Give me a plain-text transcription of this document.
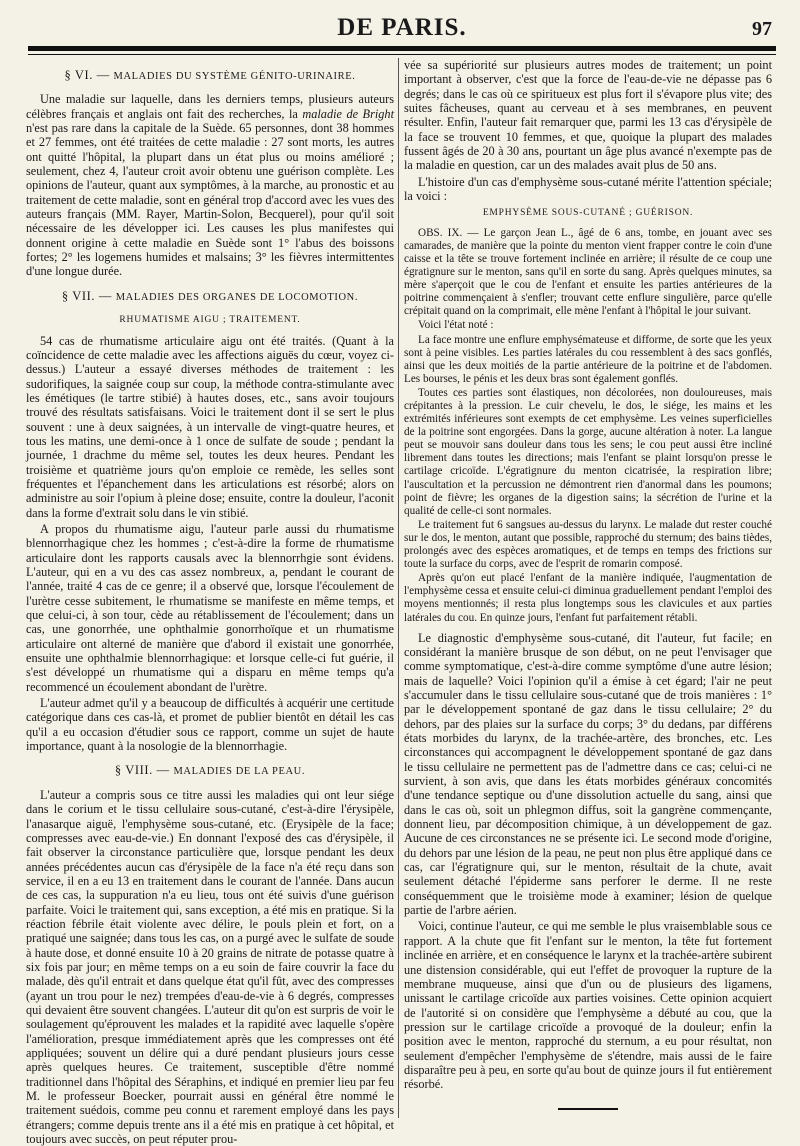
DE PARIS.	97
§ VI. — MALADIES DU SYSTÈME GÉNITO-URINAIRE.

Une maladie sur laquelle, dans les derniers temps, plusieurs auteurs célèbres français et anglais ont fait des recherches, la maladie de Bright n'est pas rare dans la capitale de la Suède. 65 personnes, dont 38 hommes et 27 femmes, ont été traitées de cette maladie : 27 sont morts, les autres ont quitté l'hôpital, la plupart dans un état plus ou moins amélioré ; seulement, chez 4, l'auteur croit avoir obtenu une guérison complète. Les opinions de l'auteur, quant aux symptômes, à la marche, au pronostic et au traitement de cette maladie, sont en général trop d'accord avec les vues des auteurs français (MM. Rayer, Martin-Solon, Becquerel), pour qu'il soit nécessaire de les développer ici. Les causes les plus manifestes qui donnent origine à cette maladie en Suède sont 1° l'abus des boissons fortes; 2° les logemens humides et malsains; 3° les fièvres intermittentes d'une longue durée.

§ VII. — MALADIES DES ORGANES DE LOCOMOTION.
RHUMATISME AIGU ; TRAITEMENT.

54 cas de rhumatisme articulaire aigu ont été traités. (Quant à la coïncidence de cette maladie avec les affections aiguës du cœur, voyez ci-dessus.) L'auteur a essayé diverses méthodes de traitement : les sudorifiques, la saignée coup sur coup, la méthode contra-stimulante avec les émétiques (le tartre stibié) à hautes doses, etc., sans avoir toujours trouvé des résultats satisfaisans. Voici le traitement dont il se sert le plus souvent : une à deux saignées, à un intervalle de vingt-quatre heures, et tous les matins, une demi-once à 1 once de sulfate de soude ; pendant la journée, 1 drachme du même sel, toutes les deux heures. Pendant les troisième et quatrième jours qu'on emploie ce remède, les selles sont fréquentes et l'épanchement dans les articulations est résorbé; alors on administre au soir l'opium à pleine dose; ensuite, contre la douleur, l'aconit dans la forme d'extrait solu dans le vin stibié.

A propos du rhumatisme aigu, l'auteur parle aussi du rhumatisme blennorrhagique chez les hommes ; c'est-à-dire la forme de rhumatisme articulaire dont les rapports causals avec la blennorrhgie sont évidens. L'auteur, qui en a vu des cas assez nombreux, a, pendant le courant de l'année, traité 4 cas de ce genre; il a observé que, lorsque l'écoulement de l'urètre cesse subitement, le rhumatisme se manifeste en même temps, et que celui-ci, à son tour, cède au rétablissement de l'écoulement; dans un cas, une gonorrhée, une ophthalmie gonorrhoïque et un rhumatisme articulaire ont alterné de manière que d'abord il existait une gonorrhée, ensuite une ophthalmie blennorrhagique: et lorsque celle-ci fut guérie, il s'est développé un rhumatisme qui a disparu en même temps qu'a recommencé un écoulement abondant de l'urètre.

L'auteur admet qu'il y a beaucoup de difficultés à acquérir une certitude catégorique dans ces cas-là, et promet de publier bientôt en détail les cas qu'il a eu occasion d'étudier sous ce rapport, comme un sujet de haute importance, quant à la nosologie de la blennorrhagie.

§ VIII. — MALADIES DE LA PEAU.

L'auteur a compris sous ce titre aussi les maladies qui ont leur siége dans le corium et le tissu cellulaire sous-cutané, c'est-à-dire l'érysipèle, l'anasarque aiguë, l'emphysème sous-cutané, etc. (Erysipèle de la face; compresses avec eau-de-vie.) En donnant l'exposé des cas d'érysipèle, il fait observer la circonstance particulière que, lorsque pendant les deux années précédentes aucun cas d'érysipèle de la face n'a été reçu dans son service, il en a eu 13 en traitement dans le courant de l'année. Dans aucun de ces cas, la suppuration n'a eu lieu, tous ont été suivis d'une guérison parfaite. Voici le traitement qui, sans exception, a été mis en pratique. Si la réaction fébrile était violente avec délire, le pouls plein et fort, on a pratiqué une saignée; dans tous les cas, on a purgé avec le sulfate de soude à haute dose, et donné ensuite 10 à 20 grains de nitrate de potasse quatre à six fois par jour; en même temps on a eu soin de faire couvrir la face du malade, dès qu'il entrait et dans quelque état qu'il fût, avec des compresses (ayant un trou pour le nez) trempées d'eau-de-vie à 6 degrés, compresses qui devaient être souvent changées. L'auteur dit qu'on est surpris de voir le soulagement qu'éprouvent les malades et la rapidité avec laquelle s'opère l'amélioration, presque immédiatement après que les compresses ont été appliquées; souvent un délire qui a duré pendant plusieurs jours cesse après quelques heures. Ce traitement, susceptible d'être nommé traditionnel dans l'hôpital des Séraphins, et indiqué en premier lieu par feu M. le professeur Boecker, pourrait aussi en général être nommé le traitement suédois, comme peu connu et rarement employé dans les pays étrangers; comme depuis trente ans il a été mis en pratique à cet hôpital, et toujours avec succès, on peut réputer prou-

vée sa supériorité sur plusieurs autres modes de traitement; un point important à observer, c'est que la force de l'eau-de-vie ne dépasse pas 6 degrés; dans le cas où ce spiritueux est plus fort il s'évapore plus vite; des suites fâcheuses, quant au cerveau et à ses membranes, en peuvent résulter. Enfin, l'auteur fait remarquer que, parmi les 13 cas d'érysipèle de la face se trouvent 10 femmes, et que, quoique la plupart des malades fussent âgés de 20 à 30 ans, pourtant un âge plus avancé n'exempte pas de la maladie en question, car un des malades avait plus de 50 ans.

L'histoire d'un cas d'emphysème sous-cutané mérite l'attention spéciale; la voici :

EMPHYSÈME SOUS-CUTANÉ ; GUÉRISON.

OBS. IX. — Le garçon Jean L., âgé de 6 ans, tombe, en jouant avec ses camarades, de manière que la pointe du menton vient frapper contre le coin d'une caisse et la tête se trouve fortement inclinée en arrière; il résulte de ce coup une égratignure sur le menton, sans qu'il en sorte du sang. Après quelques minutes, sa mère s'aperçoit que le cou de l'enfant et ensuite les parties antérieures de la poitrine commençaient à s'enfler; trouvant cette enflure singulière, parce qu'elle crépitait quand on la comprimait, elle mène l'enfant à l'hôpital le jour suivant.

Voici l'état noté :

La face montre une enflure emphysémateuse et difforme, de sorte que les yeux sont à peine visibles. Les parties latérales du cou ressemblent à des sacs gonflés, ainsi que les deux moitiés de la partie antérieure de la poitrine et de l'abdomen. Les bourses, le pénis et les deux bras sont également gonflés.

Toutes ces parties sont élastiques, non décolorées, non douloureuses, mais crépitantes à la pression. Le cuir chevelu, le dos, le siége, les mains et les extrémités inférieures sont exempts de cet emphysème. Les veines superficielles de la poitrine sont engorgées. Dans la gorge, aucune altération à noter. La langue peut se mouvoir sans douleur dans tous les sens; le cou peut aussi être incliné librement dans toutes les directions; mais l'enfant se plaint lorsqu'on presse le cartilage cricoïde. L'égratignure du menton cicatrisée, la respiration libre; l'auscultation et la percussion ne démontrent rien d'anormal dans les poumons; point de fièvre; les organes de la digestion sains; la sécrétion de l'urine et la qualité de celle-ci sont normales.

Le traitement fut 6 sangsues au-dessus du larynx. Le malade dut rester couché sur le dos, le menton, autant que possible, rapproché du sternum; des bains tièdes, prolongés avec des espèces aromatiques, et de temps en temps des frictions sur toute la surface du corps, avec de l'esprit de romarin composé.

Après qu'on eut placé l'enfant de la manière indiquée, l'augmentation de l'emphysème cessa et ensuite celui-ci diminua graduellement pendant l'emploi des moyens mentionnés; il resta plus longtemps sous les clavicules et aux parties latérales du cou. En quinze jours, l'enfant fut parfaitement rétabli.

Le diagnostic d'emphysème sous-cutané, dit l'auteur, fut facile; en considérant la manière brusque de son début, on ne peut l'envisager que comme symptomatique, c'est-à-dire comme symptôme d'une autre lésion; mais de laquelle? Voici l'opinion qu'il a émise à cet égard; l'air ne peut s'accumuler dans le tissu cellulaire sous-cutané que de trois manières : 1° par le développement spontané de gaz dans le tissu cellulaire; 2° du dehors, par des plaies sur la surface du corps; 3° du dedans, par différens états morbides du larynx, de la trachée-artère, des bronches, etc. Les circonstances qui accompagnent le développement spontané de gaz dans le tissu cellulaire ne permettent pas de l'admettre dans ce cas; celui-ci ne survient, à son avis, que dans les états morbides généraux concomités d'une tendance septique ou d'une dissolution actuelle du sang, ainsi que dans le cas où, soit un phlegmon diffus, soit la gangrène commençante, donnent lieu, par décomposition chimique, à un développement de gaz. Aucune de ces circonstances ne se présente ici. Le second mode d'origine, du dehors par une lésion de la peau, ne peut non plus être appliqué dans ce cas, car l'égratignure qui, sur le menton, résultait de la chute, avait seulement détaché l'épiderme sans perforer le derme. Il ne reste conséquemment que le troisième mode à examiner; lésion de quelque partie de l'arbre aérien.

Voici, continue l'auteur, ce qui me semble le plus vraisemblable sous ce rapport. A la chute que fit l'enfant sur le menton, la tête fut fortement inclinée en arrière, et en conséquence le larynx et la trachée-artère subirent une distension considérable, qui eut l'effet de provoquer la rupture de la membrane muqueuse, ainsi que d'un ou de plusieurs des ligamens, unissant le cartilage cricoïde aux parties voisines. Cette opinion acquiert de l'autorité si on considère que l'emphysème a débuté au cou, que la pression sur le cartilage cricoïde a provoqué de la douleur; enfin la position avec le menton, rapproché du sternum, a eu pour résultat, non seulement d'empêcher l'emphysème de s'étendre, mais aussi de le faire disparaître peu à peu, en sorte qu'au bout de quinze jours il fut entièrement résorbé.
